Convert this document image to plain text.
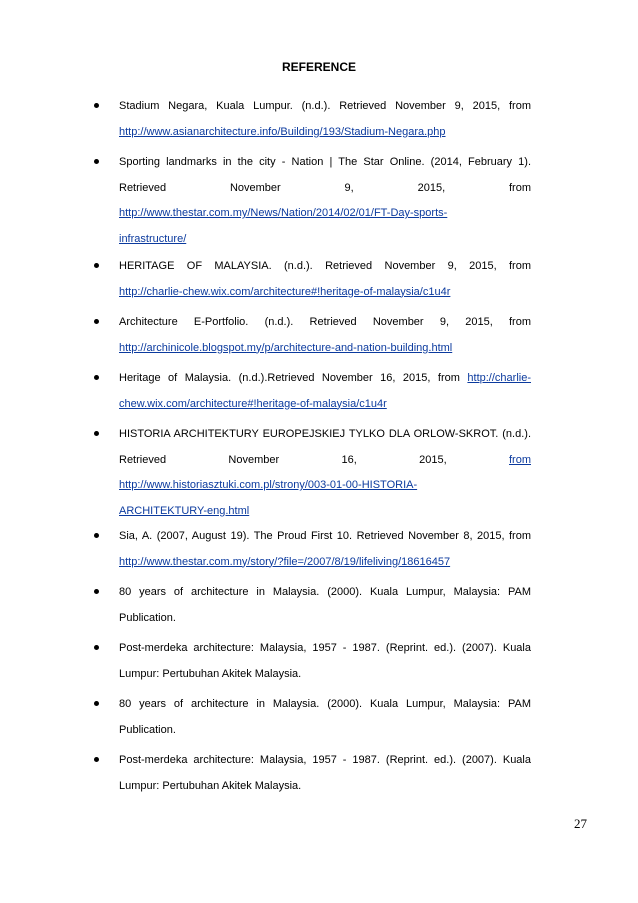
REFERENCE
Stadium Negara, Kuala Lumpur. (n.d.). Retrieved November 9, 2015, from
http://www.asianarchitecture.info/Building/193/Stadium-Negara.php
Sporting landmarks in the city - Nation | The Star Online. (2014, February 1).
Retrieved November 9, 2015, from
http://www.thestar.com.my/News/Nation/2014/02/01/FT-Day-sports-
infrastructure/
HERITAGE OF MALAYSIA. (n.d.). Retrieved November 9, 2015, from
http://charlie-chew.wix.com/architecture#!heritage-of-malaysia/c1u4r
Architecture E-Portfolio. (n.d.). Retrieved November 9, 2015, from
http://archinicole.blogspot.my/p/architecture-and-nation-building.html
Heritage of Malaysia. (n.d.).Retrieved November 16, 2015, from http://charlie-
chew.wix.com/architecture#!heritage-of-malaysia/c1u4r
HISTORIA ARCHITEKTURY EUROPEJSKIEJ TYLKO DLA ORLOW-SKROT. (n.d.).
Retrieved November 16, 2015, from
http://www.historiasztuki.com.pl/strony/003-01-00-HISTORIA-
ARCHITEKTURY-eng.html
Sia, A. (2007, August 19). The Proud First 10. Retrieved November 8, 2015, from
http://www.thestar.com.my/story/?file=/2007/8/19/lifeliving/18616457
80 years of architecture in Malaysia. (2000). Kuala Lumpur, Malaysia: PAM
Publication.
Post-merdeka architecture: Malaysia, 1957 - 1987. (Reprint. ed.). (2007). Kuala
Lumpur: Pertubuhan Akitek Malaysia.
80 years of architecture in Malaysia. (2000). Kuala Lumpur, Malaysia: PAM
Publication.
Post-merdeka architecture: Malaysia, 1957 - 1987. (Reprint. ed.). (2007). Kuala
Lumpur: Pertubuhan Akitek Malaysia.
27
